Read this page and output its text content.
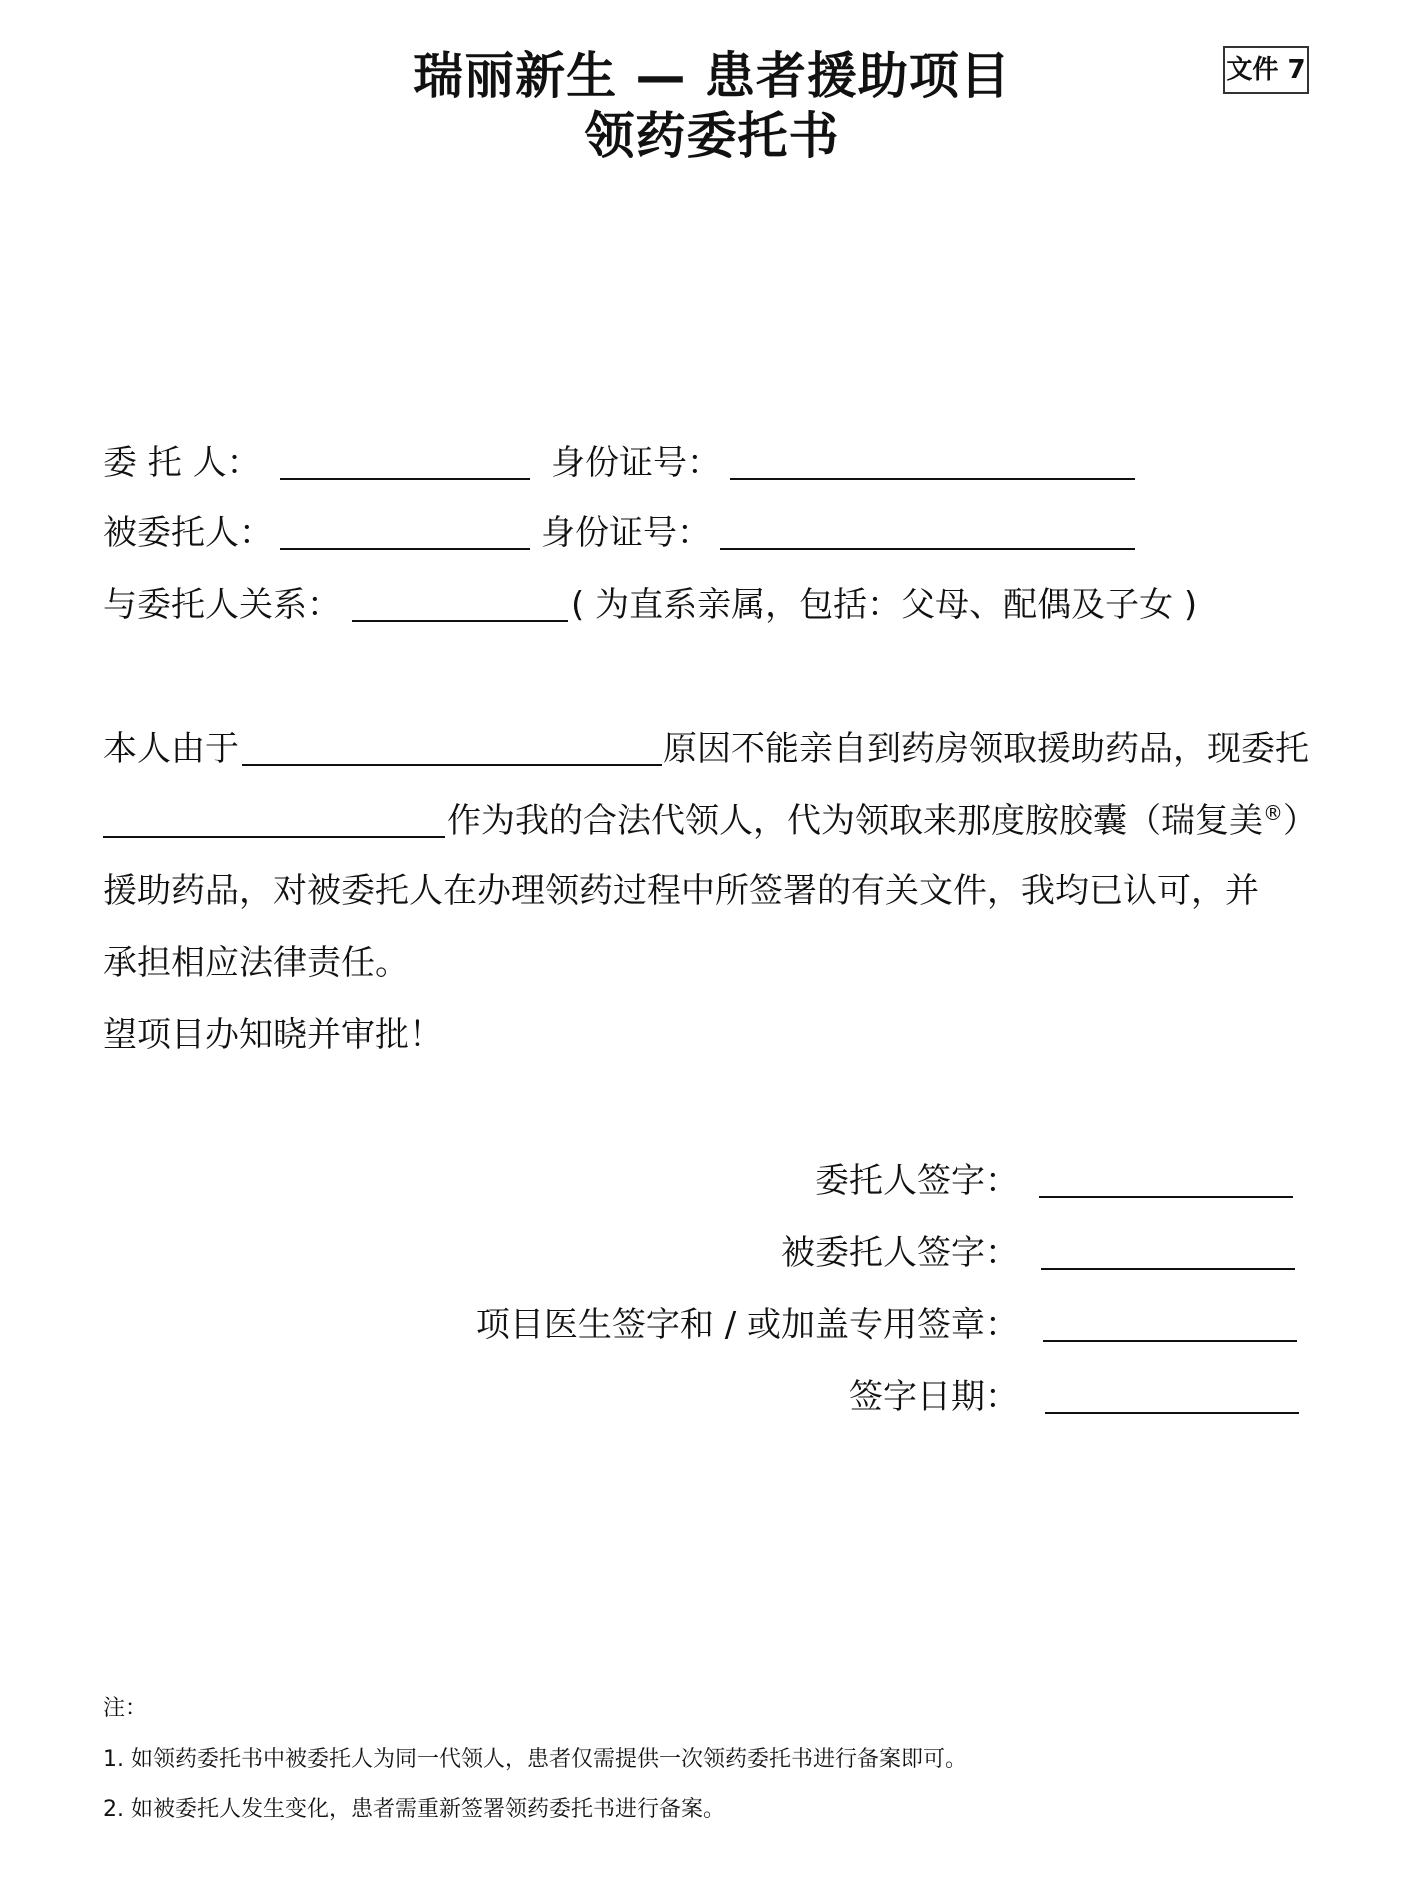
瑞丽新生 — 患者援助项目
领药委托书
文件 7
委 托 人：	身份证号：
被委托人：	身份证号：
与委托人关系：	( 为直系亲属，包括：父母、配偶及子女 )
本人由于	原因不能亲自到药房领取援助药品，现委托
作为我的合法代领人，代为领取来那度胺胶囊（瑞复美®）
援助药品，对被委托人在办理领药过程中所签署的有关文件，我均已认可，并
承担相应法律责任。
望项目办知晓并审批！
委托人签字：
被委托人签字：
项目医生签字和 / 或加盖专用签章：
签字日期：
注：
1. 如领药委托书中被委托人为同一代领人，患者仅需提供一次领药委托书进行备案即可。
2. 如被委托人发生变化，患者需重新签署领药委托书进行备案。
